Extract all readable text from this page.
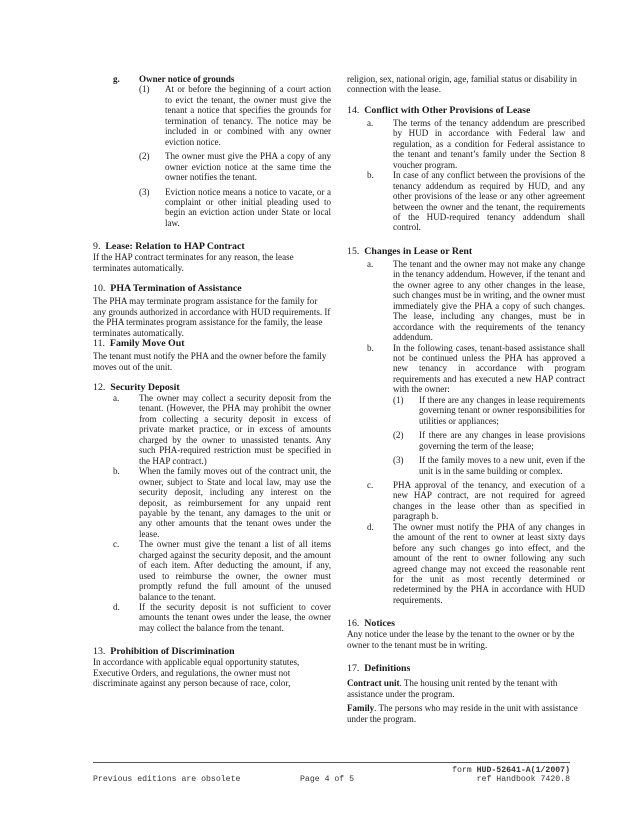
g.	Owner notice of grounds
(1)	At or before the beginning of a court action to evict the tenant, the owner must give the tenant a notice that specifies the grounds for termination of tenancy. The notice may be included in or combined with any owner eviction notice.
(2)	The owner must give the PHA a copy of any owner eviction notice at the same time the owner notifies the tenant.
(3)	Eviction notice means a notice to vacate, or a complaint or other initial pleading used to begin an eviction action under State or local law.

9. Lease: Relation to HAP Contract

If the HAP contract terminates for any reason, the lease terminates automatically.

10. PHA Termination of Assistance

The PHA may terminate program assistance for the family for any grounds authorized in accordance with HUD requirements. If the PHA terminates program assistance for the family, the lease terminates automatically.

11. Family Move Out

The tenant must notify the PHA and the owner before the family moves out of the unit.

12. Security Deposit

a.	The owner may collect a security deposit from the tenant. (However, the PHA may prohibit the owner from collecting a security deposit in excess of private market practice, or in excess of amounts charged by the owner to unassisted tenants. Any such PHA-required restriction must be specified in the HAP contract.)
b.	When the family moves out of the contract unit, the owner, subject to State and local law, may use the security deposit, including any interest on the deposit, as reimbursement for any unpaid rent payable by the tenant, any damages to the unit or any other amounts that the tenant owes under the lease.
c.	The owner must give the tenant a list of all items charged against the security deposit, and the amount of each item. After deducting the amount, if any, used to reimburse the owner, the owner must promptly refund the full amount of the unused balance to the tenant.
d.	If the security deposit is not sufficient to cover amounts the tenant owes under the lease, the owner may collect the balance from the tenant.

13. Prohibition of Discrimination

In accordance with applicable equal opportunity statutes, Executive Orders, and regulations, the owner must not discriminate against any person because of race, color,

religion, sex, national origin, age, familial status or disability in connection with the lease.

14. Conflict with Other Provisions of Lease

a.	The terms of the tenancy addendum are prescribed by HUD in accordance with Federal law and regulation, as a condition for Federal assistance to the tenant and tenant’s family under the Section 8 voucher program.
b.	In case of any conflict between the provisions of the tenancy addendum as required by HUD, and any other provisions of the lease or any other agreement between the owner and the tenant, the requirements of the HUD-required tenancy addendum shall control.

15. Changes in Lease or Rent

a.	The tenant and the owner may not make any change in the tenancy addendum. However, if the tenant and the owner agree to any other changes in the lease, such changes must be in writing, and the owner must immediately give the PHA a copy of such changes. The lease, including any changes, must be in accordance with the requirements of the tenancy addendum.
b.	In the following cases, tenant-based assistance shall not be continued unless the PHA has approved a new tenancy in accordance with program requirements and has executed a new HAP contract with the owner:
(1)	If there are any changes in lease requirements governing tenant or owner responsibilities for utilities or appliances;
(2)	If there are any changes in lease provisions governing the term of the lease;
(3)	If the family moves to a new unit, even if the unit is in the same building or complex.
c.	PHA approval of the tenancy, and execution of a new HAP contract, are not required for agreed changes in the lease other than as specified in paragraph b.
d.	The owner must notify the PHA of any changes in the amount of the rent to owner at least sixty days before any such changes go into effect, and the amount of the rent to owner following any such agreed change may not exceed the reasonable rent for the unit as most recently determined or redetermined by the PHA in accordance with HUD requirements.

16. Notices

Any notice under the lease by the tenant to the owner or by the owner to the tenant must be in writing.

17. Definitions

Contract unit. The housing unit rented by the tenant with assistance under the program.

Family. The persons who may reside in the unit with assistance under the program.

form HUD-52641-A(1/2007)
Previous editions are obsolete	Page 4 of 5	ref Handbook 7420.8
